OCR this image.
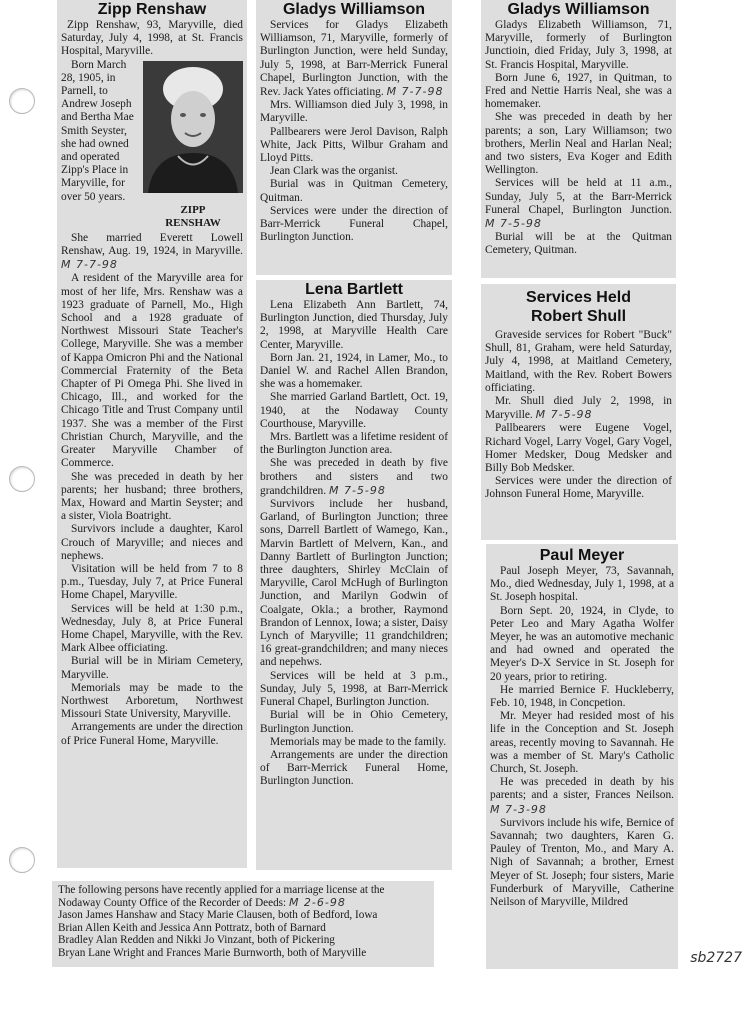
Zipp Renshaw

Zipp Renshaw, 93, Maryville, died Saturday, July 4, 1998, at St. Francis Hospital, Maryville.

Born March 28, 1905, in Parnell, to Andrew Joseph and Bertha Mae Smith Seyster, she had owned and operated Zipp's Place in Maryville, for over 50 years.

ZIPP
RENSHAW

She married Everett Lowell Renshaw, Aug. 19, 1924, in Maryville. M 7-7-98

A resident of the Maryville area for most of her life, Mrs. Renshaw was a 1923 graduate of Parnell, Mo., High School and a 1928 graduate of Northwest Missouri State Teacher's College, Maryville. She was a member of Kappa Omicron Phi and the National Commercial Fraternity of the Beta Chapter of Pi Omega Phi. She lived in Chicago, Ill., and worked for the Chicago Title and Trust Company until 1937. She was a member of the First Christian Church, Maryville, and the Greater Maryville Chamber of Commerce.

She was preceded in death by her parents; her husband; three brothers, Max, Howard and Martin Seyster; and a sister, Viola Boatright.

Survivors include a daughter, Karol Crouch of Maryville; and nieces and nephews.

Visitation will be held from 7 to 8 p.m., Tuesday, July 7, at Price Funeral Home Chapel, Maryville.

Services will be held at 1:30 p.m., Wednesday, July 8, at Price Funeral Home Chapel, Maryville, with the Rev. Mark Albee officiating.

Burial will be in Miriam Cemetery, Maryville.

Memorials may be made to the Northwest Arboretum, Northwest Missouri State University, Maryville.

Arrangements are under the direction of Price Funeral Home, Maryville.

Gladys Williamson

Services for Gladys Elizabeth Williamson, 71, Maryville, formerly of Burlington Junction, were held Sunday, July 5, 1998, at Barr-Merrick Funeral Chapel, Burlington Junction, with the Rev. Jack Yates officiating. M 7-7-98

Mrs. Williamson died July 3, 1998, in Maryville.

Pallbearers were Jerol Davison, Ralph White, Jack Pitts, Wilbur Graham and Lloyd Pitts.

Jean Clark was the organist.

Burial was in Quitman Cemetery, Quitman.

Services were under the direction of Barr-Merrick Funeral Chapel, Burlington Junction.

Lena Bartlett

Lena Elizabeth Ann Bartlett, 74, Burlington Junction, died Thursday, July 2, 1998, at Maryville Health Care Center, Maryville.

Born Jan. 21, 1924, in Lamer, Mo., to Daniel W. and Rachel Allen Brandon, she was a homemaker.

She married Garland Bartlett, Oct. 19, 1940, at the Nodaway County Courthouse, Maryville.

Mrs. Bartlett was a lifetime resident of the Burlington Junction area.

She was preceded in death by five brothers and sisters and two grandchildren. M 7-5-98

Survivors include her husband, Garland, of Burlington Junction; three sons, Darrell Bartlett of Wamego, Kan., Marvin Bartlett of Melvern, Kan., and Danny Bartlett of Burlington Junction; three daughters, Shirley McClain of Maryville, Carol McHugh of Burlington Junction, and Marilyn Godwin of Coalgate, Okla.; a brother, Raymond Brandon of Lennox, Iowa; a sister, Daisy Lynch of Maryville; 11 grandchildren; 16 great-grandchildren; and many nieces and nepehws.

Services will be held at 3 p.m., Sunday, July 5, 1998, at Barr-Merrick Funeral Chapel, Burlington Junction.

Burial will be in Ohio Cemetery, Burlington Junction.

Memorials may be made to the family.

Arrangements are under the direction of Barr-Merrick Funeral Home, Burlington Junction.

Gladys Williamson

Gladys Elizabeth Williamson, 71, Maryville, formerly of Burlington Junctioin, died Friday, July 3, 1998, at St. Francis Hospital, Maryville.

Born June 6, 1927, in Quitman, to Fred and Nettie Harris Neal, she was a homemaker.

She was preceded in death by her parents; a son, Lary Williamson; two brothers, Merlin Neal and Harlan Neal; and two sisters, Eva Koger and Edith Wellington.

Services will be held at 11 a.m., Sunday, July 5, at the Barr-Merrick Funeral Chapel, Burlington Junction. M 7-5-98

Burial will be at the Quitman Cemetery, Quitman.

Services Held
Robert Shull

Graveside services for Robert "Buck" Shull, 81, Graham, were held Saturday, July 4, 1998, at Maitland Cemetery, Maitland, with the Rev. Robert Bowers officiating.

Mr. Shull died July 2, 1998, in Maryville. M 7-5-98

Pallbearers were Eugene Vogel, Richard Vogel, Larry Vogel, Gary Vogel, Homer Medsker, Doug Medsker and Billy Bob Medsker.

Services were under the direction of Johnson Funeral Home, Maryville.

Paul Meyer

Paul Joseph Meyer, 73, Savannah, Mo., died Wednesday, July 1, 1998, at a St. Joseph hospital.

Born Sept. 20, 1924, in Clyde, to Peter Leo and Mary Agatha Wolfer Meyer, he was an automotive mechanic and had owned and operated the Meyer's D-X Service in St. Joseph for 20 years, prior to retiring.

He married Bernice F. Huckleberry, Feb. 10, 1948, in Concpetion.

Mr. Meyer had resided most of his life in the Conception and St. Joseph areas, recently moving to Savannah. He was a member of St. Mary's Catholic Church, St. Joseph.

He was preceded in death by his parents; and a sister, Frances Neilson. M 7-3-98

Survivors include his wife, Bernice of Savannah; two daughters, Karen G. Pauley of Trenton, Mo., and Mary A. Nigh of Savannah; a brother, Ernest Meyer of St. Joseph; four sisters, Marie Funderburk of Maryville, Catherine Neilson of Maryville, Mildred

The following persons have recently applied for a marriage license at the Nodaway County Office of the Recorder of Deeds: M 2-6-98

Jason James Hanshaw and Stacy Marie Clausen, both of Bedford, Iowa

Brian Allen Keith and Jessica Ann Pottratz, both of Barnard

Bradley Alan Redden and Nikki Jo Vinzant, both of Pickering

Bryan Lane Wright and Frances Marie Burnworth, both of Maryville	sb2727
